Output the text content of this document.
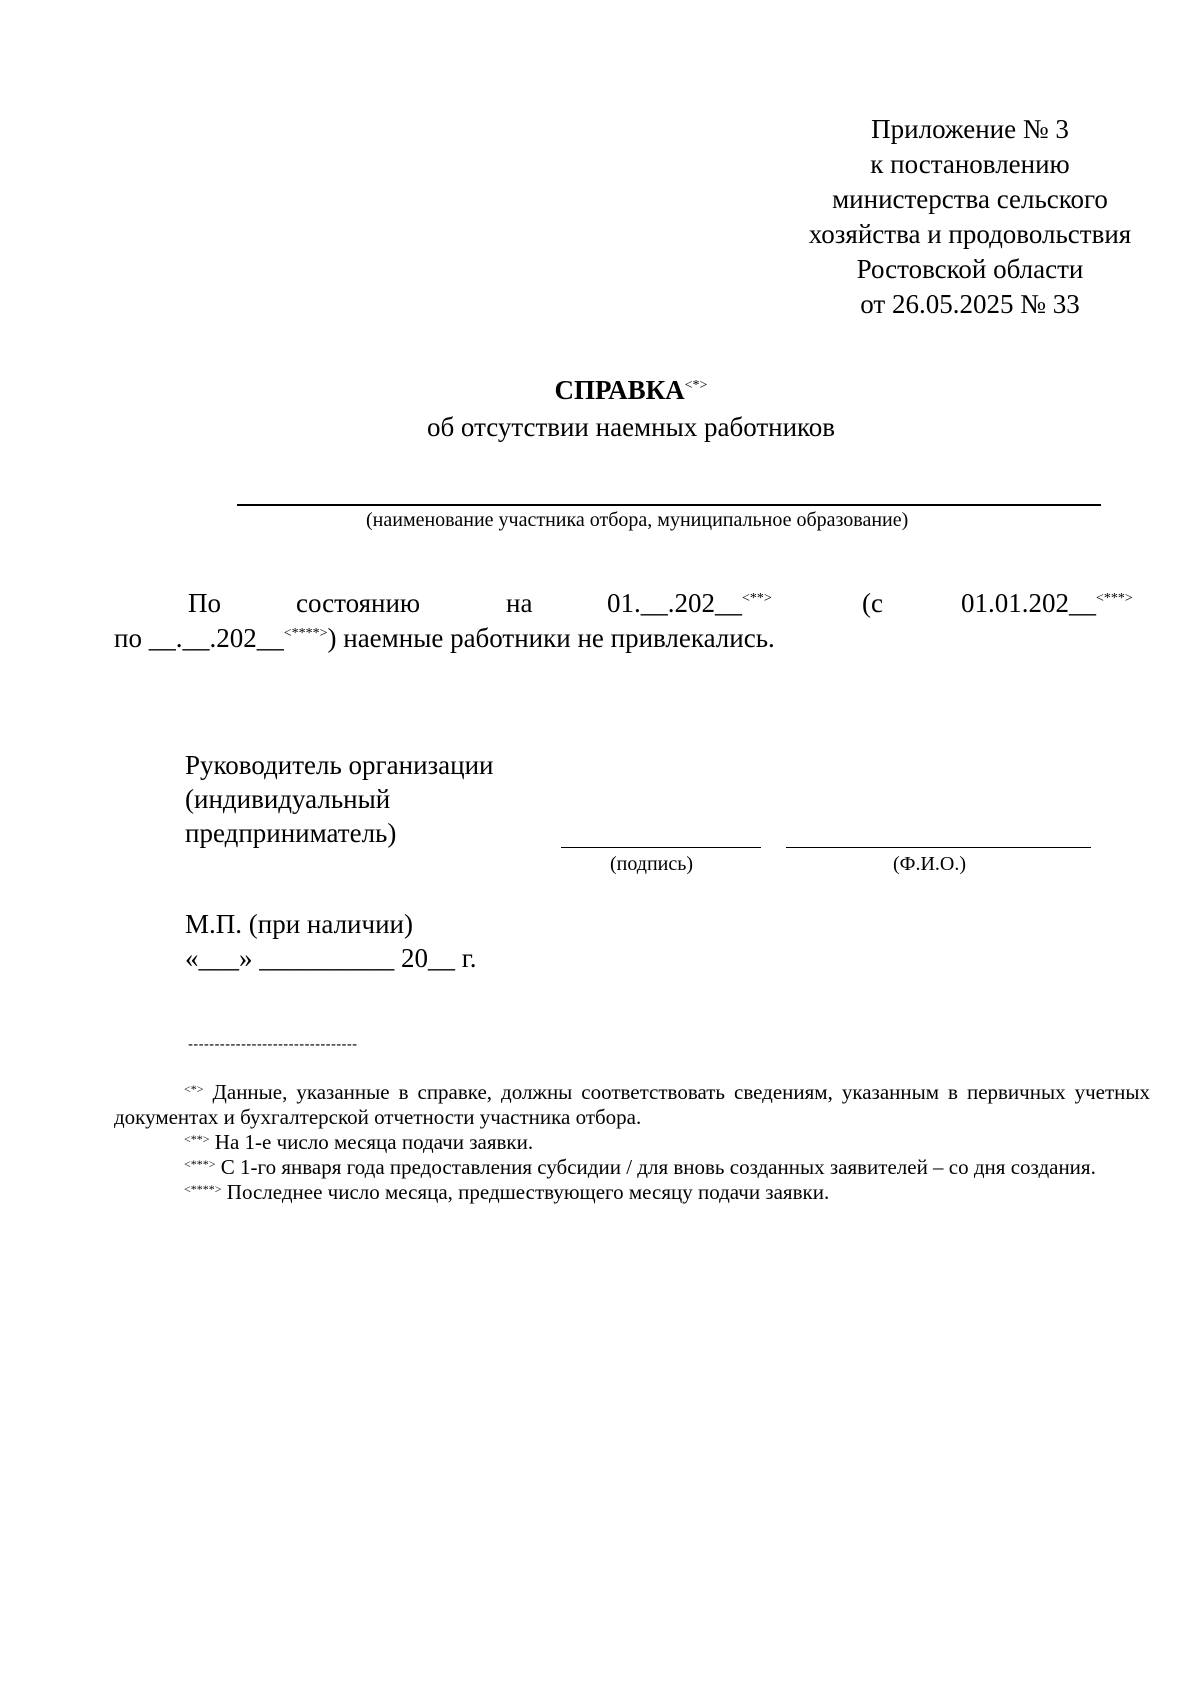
Приложение № 3
к постановлению
министерства сельского
хозяйства и продовольствия
Ростовской области
от 26.05.2025 № 33
СПРАВКА<*>
об отсутствии наемных работников
(наименование участника отбора, муниципальное образование)
По	состоянию	на	01.__.202__<**>	(с	01.01.202__<***>
по __.__.202__<****>) наемные работники не привлекались.
Руководитель организации
(индивидуальный
предприниматель)
(подпись)	(Ф.И.О.)
М.П. (при наличии)
«___» __________ 20__ г.
--------------------------------

<*> Данные, указанные в справке, должны соответствовать сведениям, указанным в первичных учетных документах и бухгалтерской отчетности участника отбора.

<**> На 1-е число месяца подачи заявки.

<***> С 1-го января года предоставления субсидии / для вновь созданных заявителей – со дня создания.

<****> Последнее число месяца, предшествующего месяцу подачи заявки.
